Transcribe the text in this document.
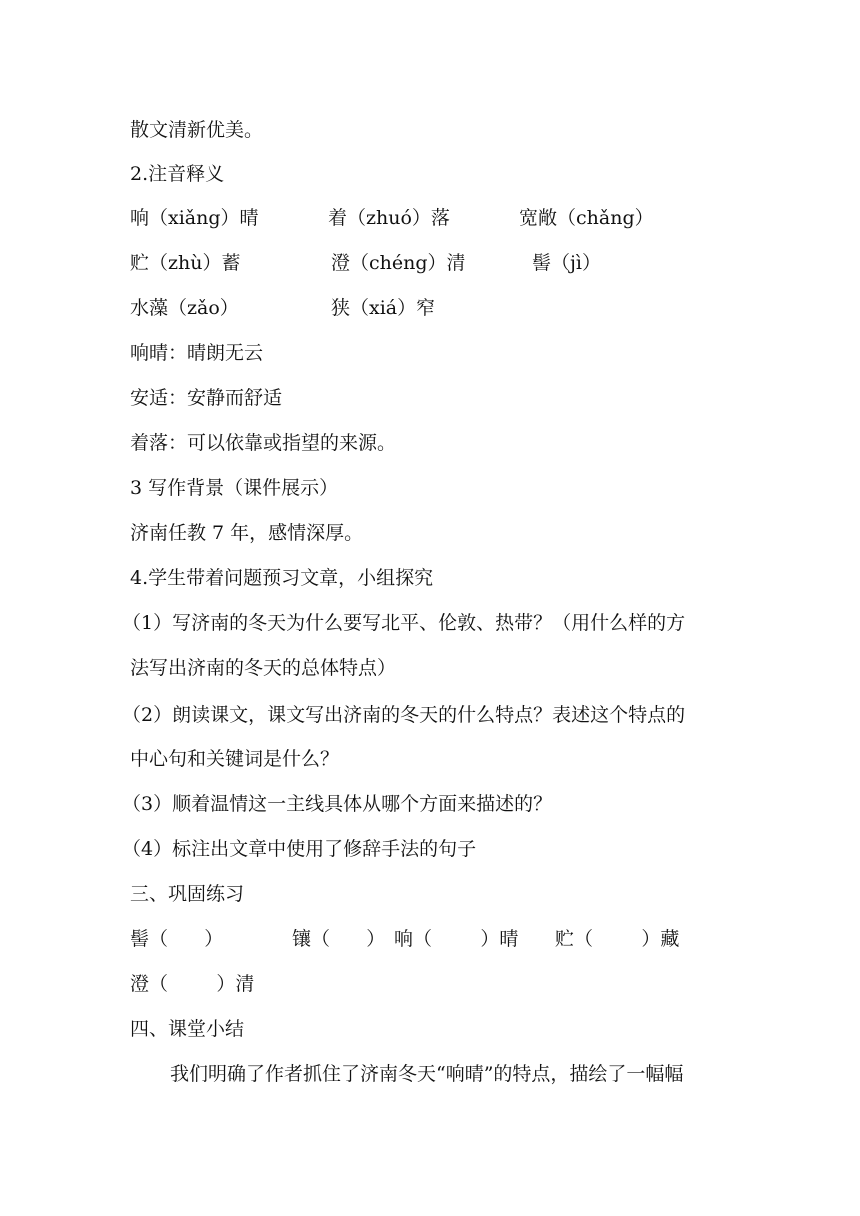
散文清新优美。
2.注音释义
响（xiǎng）晴	着（zhuó）落	宽敞（chǎng）
贮（zhù）蓄	澄（chéng）清	髻（jì）
水藻（zǎo）	狭（xiá）窄
响晴：晴朗无云
安适：安静而舒适
着落：可以依靠或指望的来源。
3 写作背景（课件展示）
济南任教 7 年，感情深厚。
4.学生带着问题预习文章，小组探究
（1）写济南的冬天为什么要写北平、伦敦、热带？（用什么样的方
法写出济南的冬天的总体特点）
（2）朗读课文，课文写出济南的冬天的什么特点？表述这个特点的
中心句和关键词是什么？
（3）顺着温情这一主线具体从哪个方面来描述的？
（4）标注出文章中使用了修辞手法的句子
三、巩固练习
髻（      ）	镶（      ） 响（        ）晴 贮（        ）藏
澄（        ）清
四、课堂小结
我们明确了作者抓住了济南冬天“响晴”的特点，描绘了一幅幅
